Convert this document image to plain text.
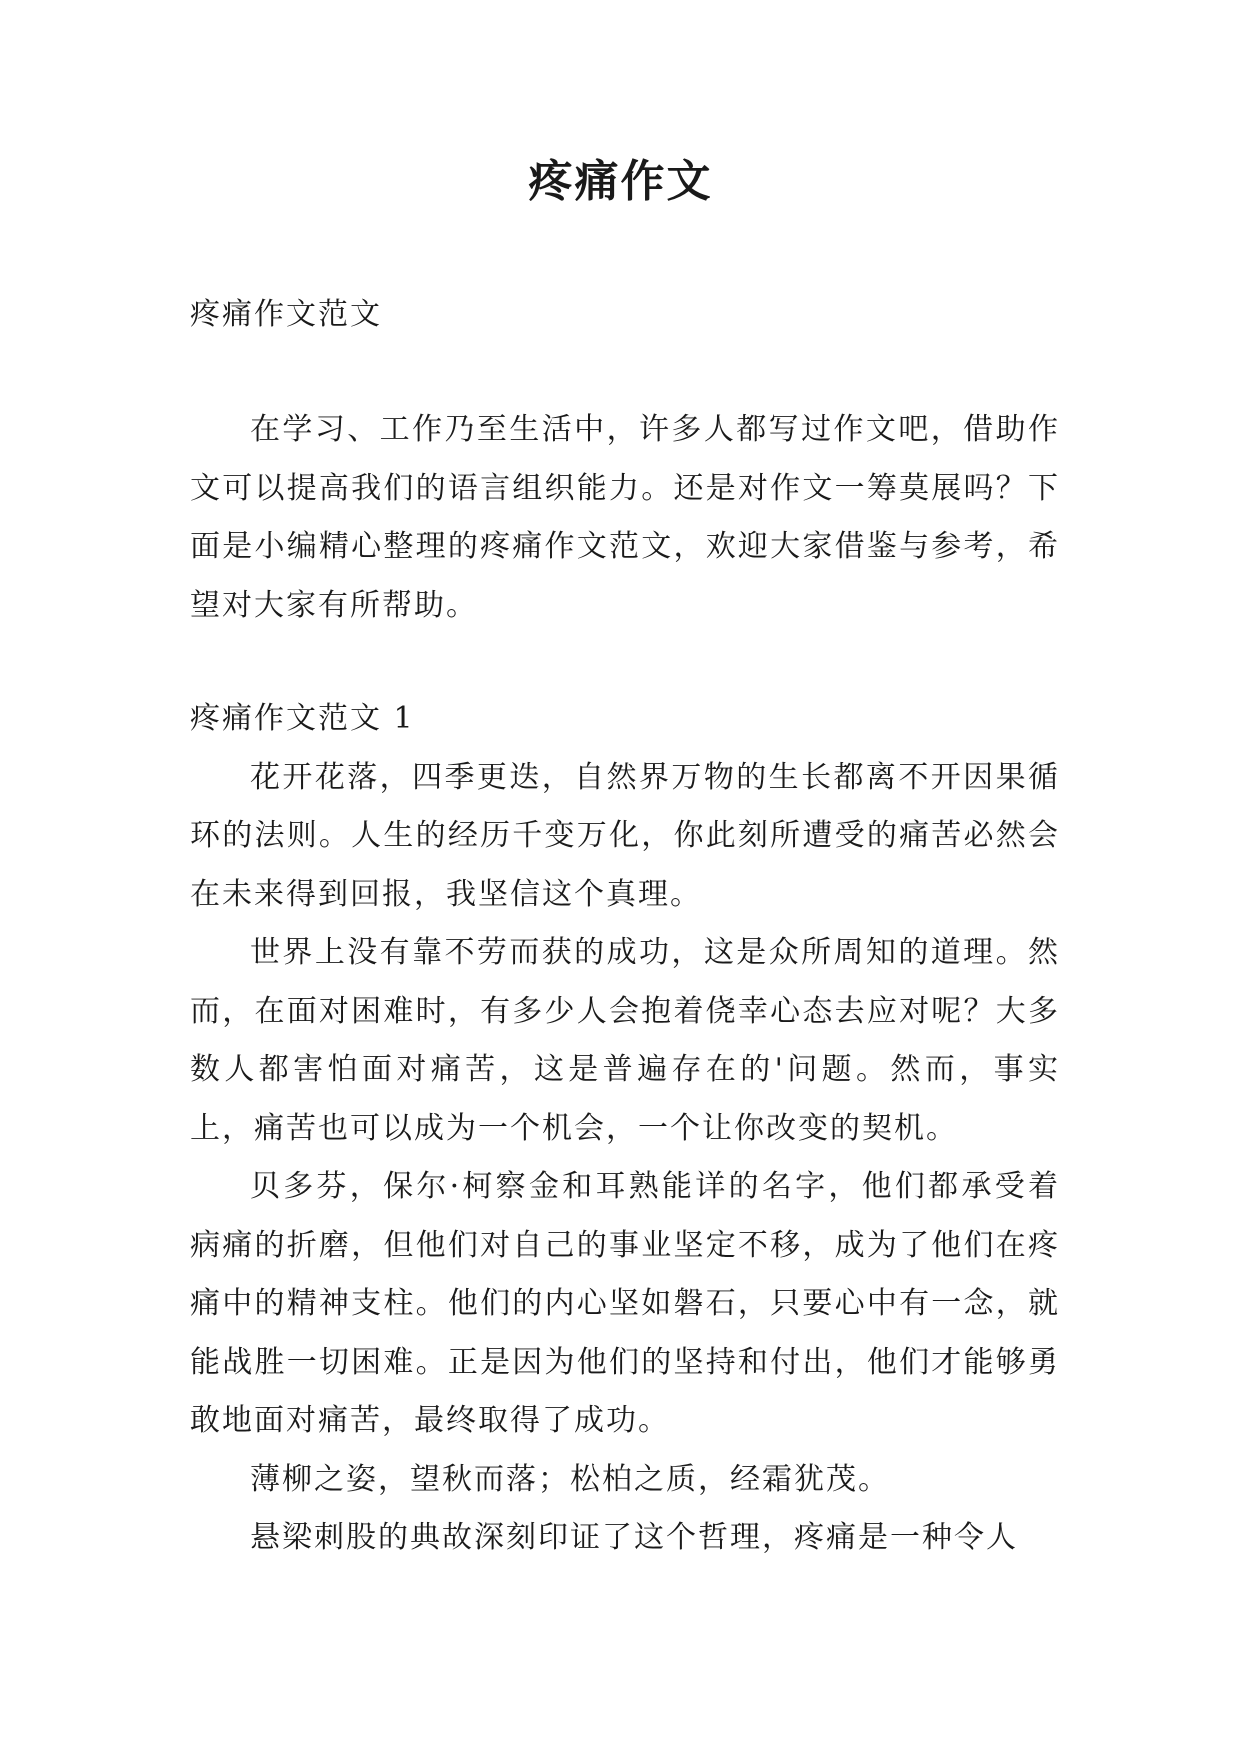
疼痛作文
疼痛作文范文

在学习、工作乃至生活中，许多人都写过作文吧，借助作文可以提高我们的语言组织能力。还是对作文一筹莫展吗？下面是小编精心整理的疼痛作文范文，欢迎大家借鉴与参考，希望对大家有所帮助。

疼痛作文范文 1

花开花落，四季更迭，自然界万物的生长都离不开因果循环的法则。人生的经历千变万化，你此刻所遭受的痛苦必然会在未来得到回报，我坚信这个真理。

世界上没有靠不劳而获的成功，这是众所周知的道理。然而，在面对困难时，有多少人会抱着侥幸心态去应对呢？大多数人都害怕面对痛苦，这是普遍存在的'问题。然而，事实上，痛苦也可以成为一个机会，一个让你改变的契机。

贝多芬，保尔·柯察金和耳熟能详的名字，他们都承受着病痛的折磨，但他们对自己的事业坚定不移，成为了他们在疼痛中的精神支柱。他们的内心坚如磐石，只要心中有一念，就能战胜一切困难。正是因为他们的坚持和付出，他们才能够勇敢地面对痛苦，最终取得了成功。

薄柳之姿，望秋而落；松柏之质，经霜犹茂。

悬梁刺股的典故深刻印证了这个哲理，疼痛是一种令人
